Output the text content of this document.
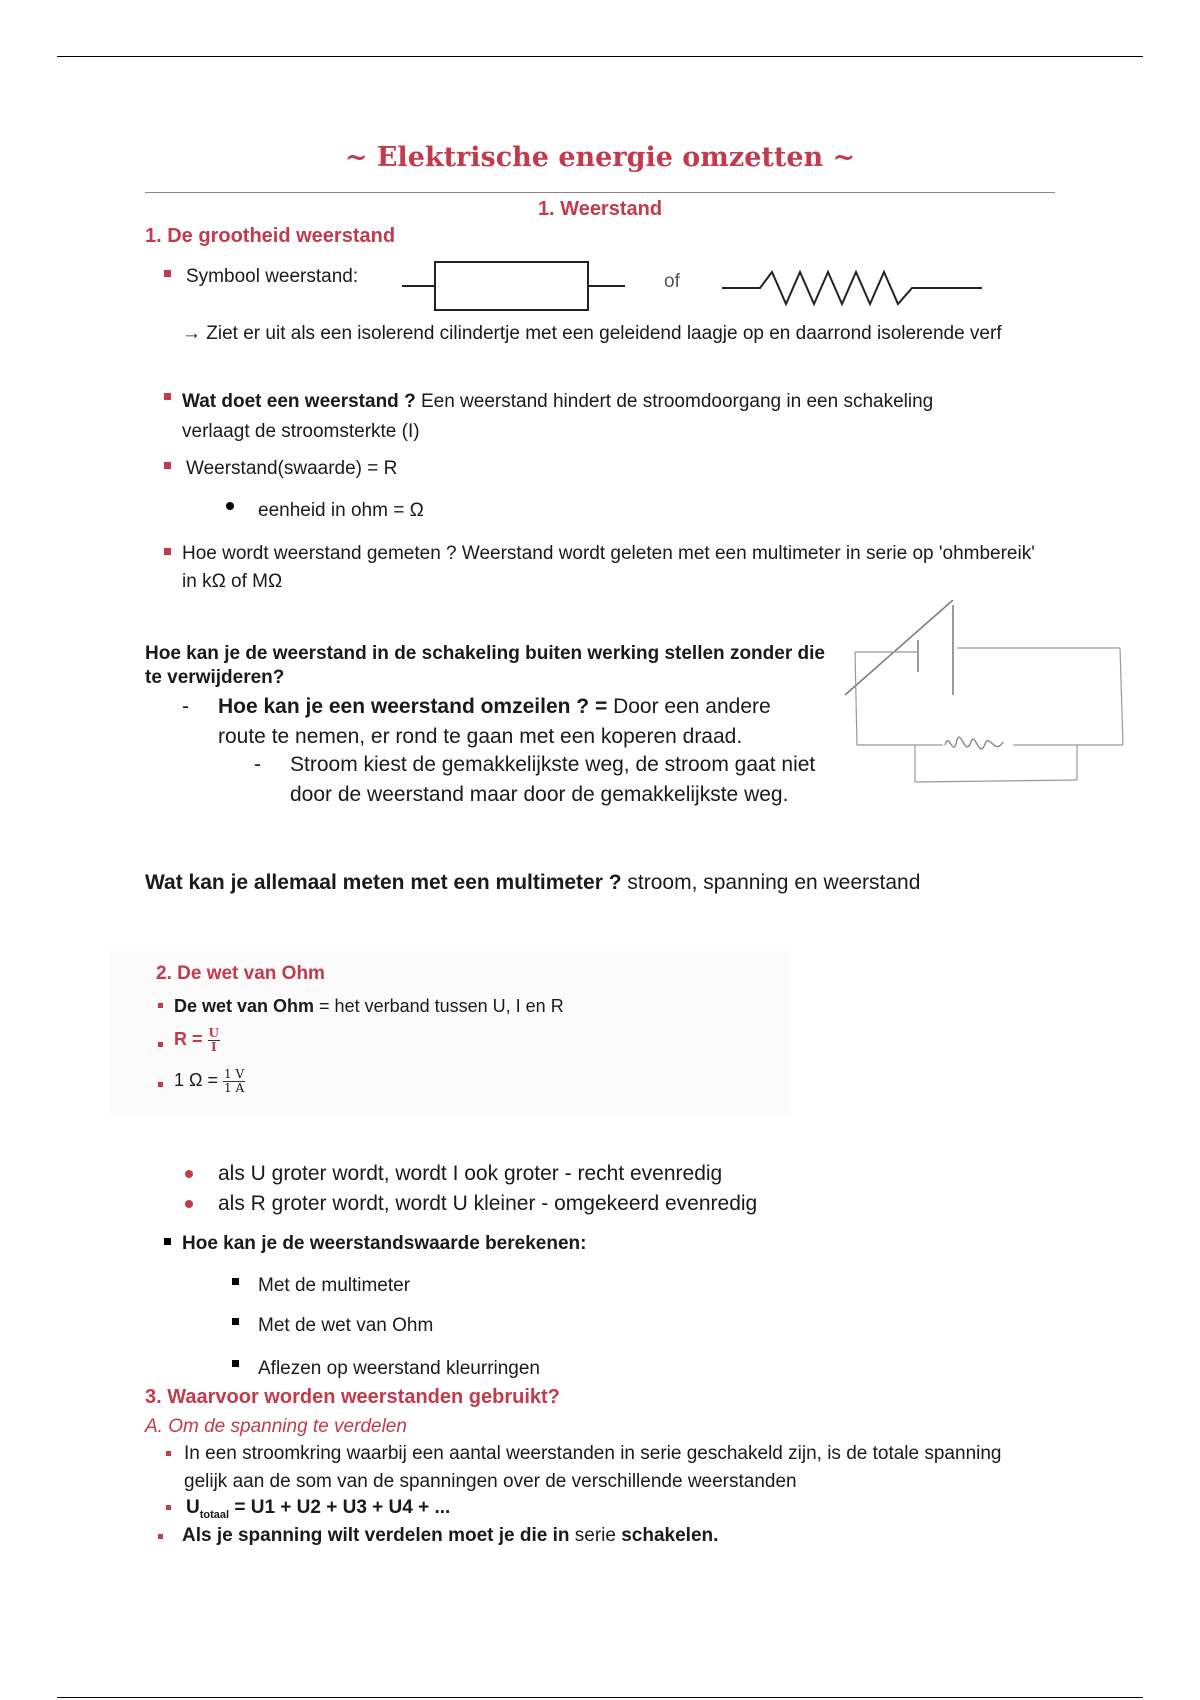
~ Elektrische energie omzetten ~
1. Weerstand
1. De grootheid weerstand
Symbool weerstand:	of
→ Ziet er uit als een isolerend cilindertje met een geleidend laagje op en daarrond isolerende verf
Wat doet een weerstand ? Een weerstand hindert de stroomdoorgang in een schakeling verlaagt de stroomsterkte (I)
Weerstand(swaarde) = R
eenheid in ohm = Ω
Hoe wordt weerstand gemeten ? Weerstand wordt geleten met een multimeter in serie op 'ohmbereik' in kΩ of MΩ
Hoe kan je de weerstand in de schakeling buiten werking stellen zonder die te verwijderen?
- Hoe kan je een weerstand omzeilen ? = Door een andere route te nemen, er rond te gaan met een koperen draad.
- Stroom kiest de gemakkelijkste weg, de stroom gaat niet door de weerstand maar door de gemakkelijkste weg.
Wat kan je allemaal meten met een multimeter ? stroom, spanning en weerstand
2. De wet van Ohm
De wet van Ohm = het verband tussen U, I en R
$R = \frac{U}{I}$
1 $\Omega = \frac{1 V}{1 A}$
als U groter wordt, wordt I ook groter - recht evenredig
als R groter wordt, wordt U kleiner - omgekeerd evenredig
Hoe kan je de weerstandswaarde berekenen:
Met de multimeter
Met de wet van Ohm
Aflezen op weerstand kleurringen
3. Waarvoor worden weerstanden gebruikt?
A. Om de spanning te verdelen
In een stroomkring waarbij een aantal weerstanden in serie geschakeld zijn, is de totale spanning gelijk aan de som van de spanningen over de verschillende weerstanden
$U_{totaal} = U1 + U2 + U3 + U4$ + ...
Als je spanning wilt verdelen moet je die in serie schakelen.
